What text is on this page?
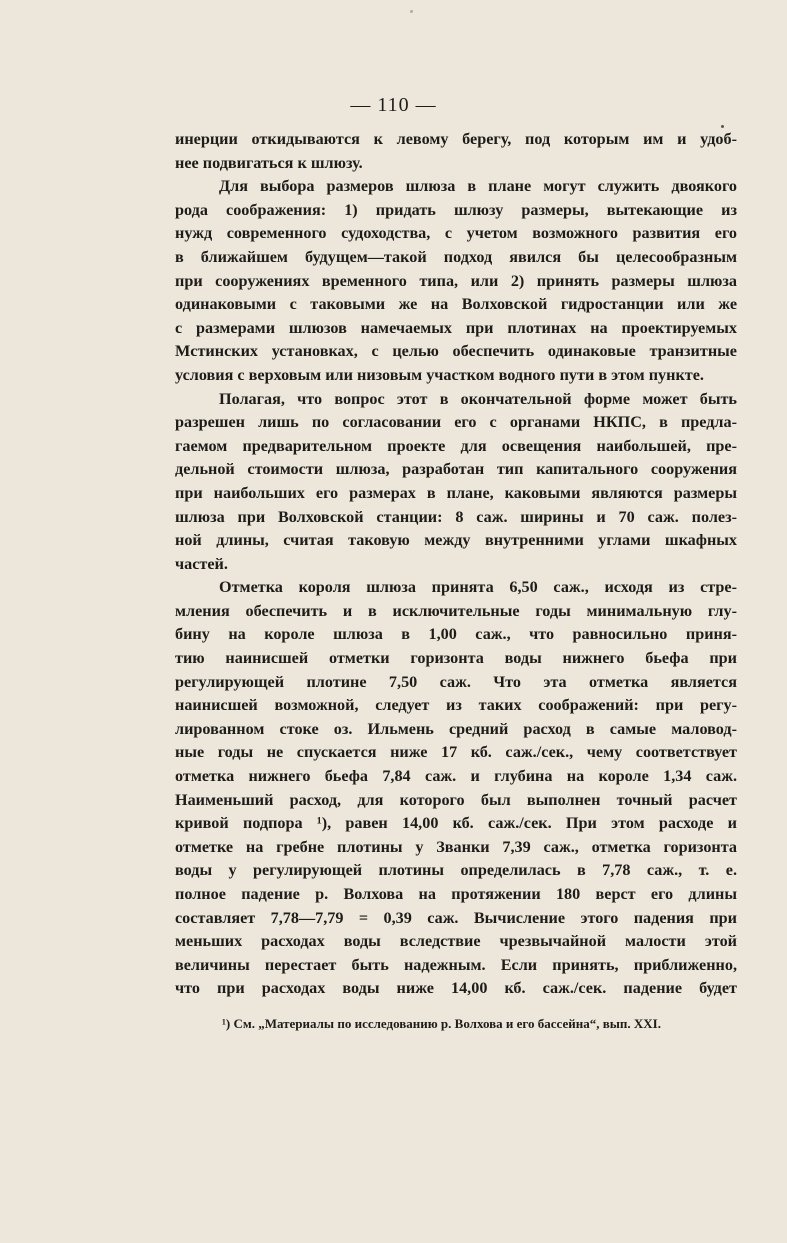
— 110 —
инерции откидываются к левому берегу, под которым им и удоб-
нее подвигаться к шлюзу.
Для выбора размеров шлюза в плане могут служить двоякого
рода соображения: 1) придать шлюзу размеры, вытекающие из
нужд современного судоходства, с учетом возможного развития его
в ближайшем будущем—такой подход явился бы целесообразным
при сооружениях временного типа, или 2) принять размеры шлюза
одинаковыми с таковыми же на Волховской гидростанции или же
с размерами шлюзов намечаемых при плотинах на проектируемых
Мстинских установках, с целью обеспечить одинаковые транзитные
условия с верховым или низовым участком водного пути в этом пункте.
Полагая, что вопрос этот в окончательной форме может быть
разрешен лишь по согласовании его с органами НКПС, в предла-
гаемом предварительном проекте для освещения наибольшей, пре-
дельной стоимости шлюза, разработан тип капитального сооружения
при наибольших его размерах в плане, каковыми являются размеры
шлюза при Волховской станции: 8 саж. ширины и 70 саж. полез-
ной длины, считая таковую между внутренними углами шкафных
частей.
Отметка короля шлюза принята 6,50 саж., исходя из стре-
мления обеспечить и в исключительные годы минимальную глу-
бину на короле шлюза в 1,00 саж., что равносильно приня-
тию наинисшей отметки горизонта воды нижнего бьефа при
регулирующей плотине 7,50 саж. Что эта отметка является
наинисшей возможной, следует из таких соображений: при регу-
лированном стоке оз. Ильмень средний расход в самые маловод-
ные годы не спускается ниже 17 кб. саж./сек., чему соответствует
отметка нижнего бьефа 7,84 саж. и глубина на короле 1,34 саж.
Наименьший расход, для которого был выполнен точный расчет
кривой подпора ¹), равен 14,00 кб. саж./сек. При этом расходе и
отметке на гребне плотины у Званки 7,39 саж., отметка горизонта
воды у регулирующей плотины определилась в 7,78 саж., т. е.
полное падение р. Волхова на протяжении 180 верст его длины
составляет 7,78—7,79 = 0,39 саж. Вычисление этого падения при
меньших расходах воды вследствие чрезвычайной малости этой
величины перестает быть надежным. Если принять, приближенно,
что при расходах воды ниже 14,00 кб. саж./сек. падение будет
¹) См. „Материалы по исследованию р. Волхова и его бассейна“, вып. XXI.
